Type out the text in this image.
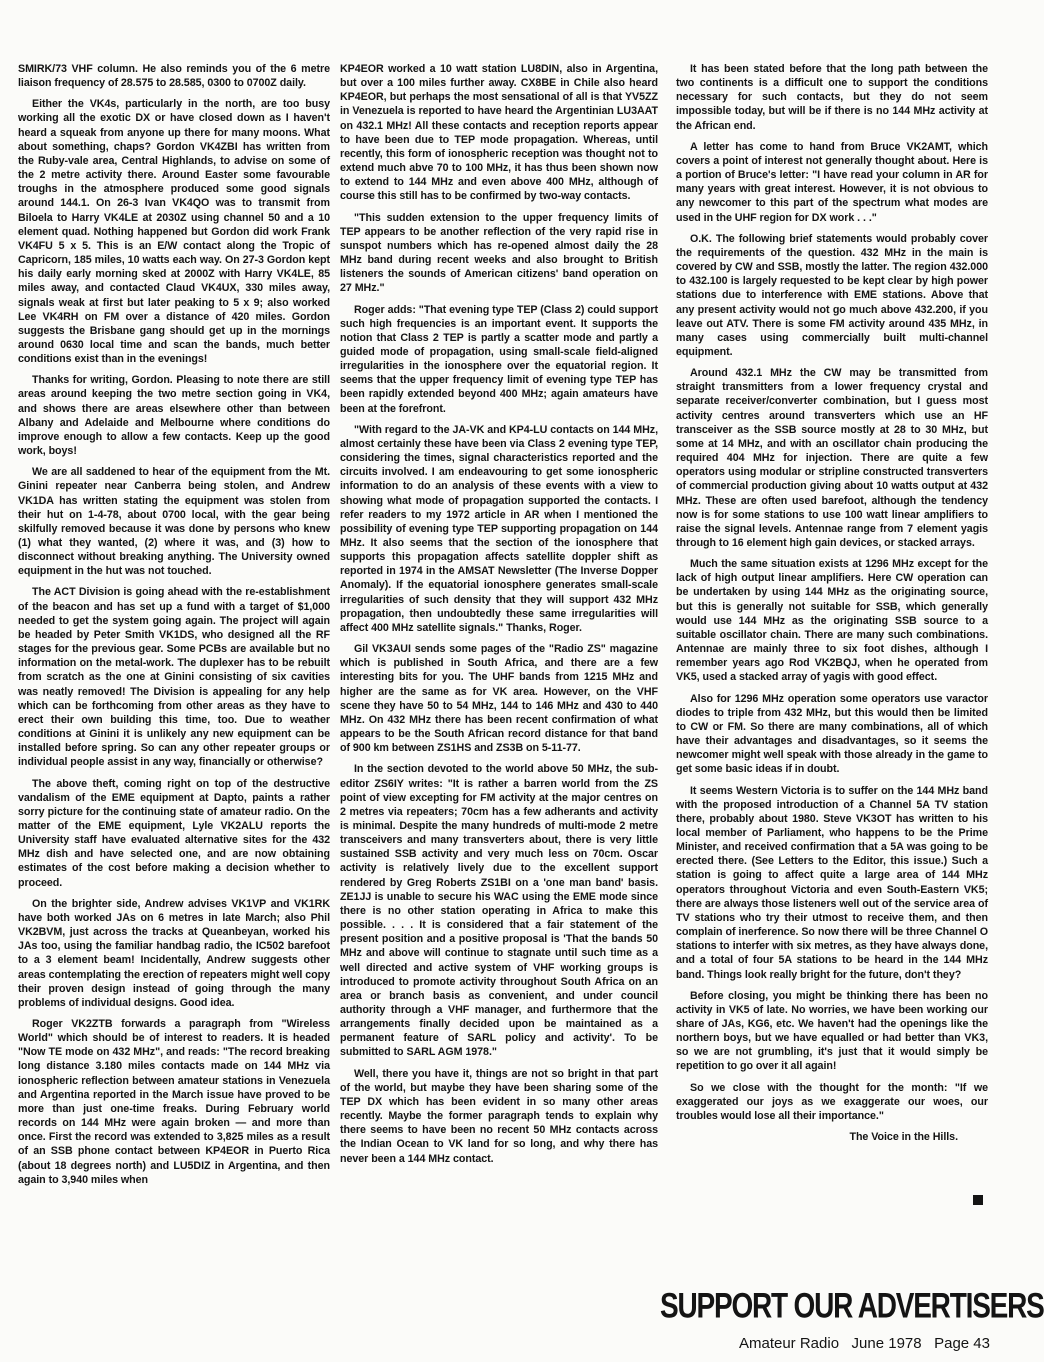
SMIRK/73 VHF column. He also reminds you of the 6 metre liaison frequency of 28.575 to 28.585, 0300 to 0700Z daily.

Either the VK4s, particularly in the north, are too busy working all the exotic DX or have closed down as I haven't heard a squeak from anyone up there for many moons. What about something, chaps? Gordon VK4ZBI has written from the Ruby-vale area, Central Highlands, to advise on some of the 2 metre activity there. Around Easter some favourable troughs in the atmosphere produced some good signals around 144.1. On 26-3 Ivan VK4QO was to transmit from Biloela to Harry VK4LE at 2030Z using channel 50 and a 10 element quad. Nothing happened but Gordon did work Frank VK4FU 5 x 5. This is an E/W contact along the Tropic of Capricorn, 185 miles, 10 watts each way. On 27-3 Gordon kept his daily early morning sked at 2000Z with Harry VK4LE, 85 miles away, and contacted Claud VK4UX, 330 miles away, signals weak at first but later peaking to 5 x 9; also worked Lee VK4RH on FM over a distance of 420 miles. Gordon suggests the Brisbane gang should get up in the mornings around 0630 local time and scan the bands, much better conditions exist than in the evenings!

Thanks for writing, Gordon. Pleasing to note there are still areas around keeping the two metre section going in VK4, and shows there are areas elsewhere other than between Albany and Adelaide and Melbourne where conditions do improve enough to allow a few contacts. Keep up the good work, boys!

We are all saddened to hear of the equipment from the Mt. Ginini repeater near Canberra being stolen, and Andrew VK1DA has written stating the equipment was stolen from their hut on 1-4-78, about 0700 local, with the gear being skilfully removed because it was done by persons who knew (1) what they wanted, (2) where it was, and (3) how to disconnect without breaking anything. The University owned equipment in the hut was not touched.

The ACT Division is going ahead with the re-establishment of the beacon and has set up a fund with a target of $1,000 needed to get the system going again. The project will again be headed by Peter Smith VK1DS, who designed all the RF stages for the previous gear. Some PCBs are available but no information on the metal-work. The duplexer has to be rebuilt from scratch as the one at Ginini consisting of six cavities was neatly removed! The Division is appealing for any help which can be forthcoming from other areas as they have to erect their own building this time, too. Due to weather conditions at Ginini it is unlikely any new equipment can be installed before spring. So can any other repeater groups or individual people assist in any way, financially or otherwise?

The above theft, coming right on top of the destructive vandalism of the EME equipment at Dapto, paints a rather sorry picture for the continuing state of amateur radio. On the matter of the EME equipment, Lyle VK2ALU reports the University staff have evaluated alternative sites for the 432 MHz dish and have selected one, and are now obtaining estimates of the cost before making a decision whether to proceed.

On the brighter side, Andrew advises VK1VP and VK1RK have both worked JAs on 6 metres in late March; also Phil VK2BVM, just across the tracks at Queanbeyan, worked his JAs too, using the familiar handbag radio, the IC502 barefoot to a 3 element beam! Incidentally, Andrew suggests other areas contemplating the erection of repeaters might well copy their proven design instead of going through the many problems of individual designs. Good idea.

Roger VK2ZTB forwards a paragraph from "Wireless World" which should be of interest to readers. It is headed "Now TE mode on 432 MHz", and reads: "The record breaking long distance 3.180 miles contacts made on 144 MHz via ionospheric reflection between amateur stations in Venezuela and Argentina reported in the March issue have proved to be more than just one-time freaks. During February world records on 144 MHz were again broken — and more than once. First the record was extended to 3,825 miles as a result of an SSB phone contact between KP4EOR in Puerto Rica (about 18 degrees north) and LU5DIZ in Argentina, and then again to 3,940 miles when

KP4EOR worked a 10 watt station LU8DIN, also in Argentina, but over a 100 miles further away. CX8BE in Chile also heard KP4EOR, but perhaps the most sensational of all is that YV5ZZ in Venezuela is reported to have heard the Argentinian LU3AAT on 432.1 MHz! All these contacts and reception reports appear to have been due to TEP mode propagation. Whereas, until recently, this form of ionospheric reception was thought not to extend much abve 70 to 100 MHz, it has thus been shown now to extend to 144 MHz and even above 400 MHz, although of course this still has to be confirmed by two-way contacts.

"This sudden extension to the upper frequency limits of TEP appears to be another reflection of the very rapid rise in sunspot numbers which has re-opened almost daily the 28 MHz band during recent weeks and also brought to British listeners the sounds of American citizens' band operation on 27 MHz."

Roger adds: "That evening type TEP (Class 2) could support such high frequencies is an important event. It supports the notion that Class 2 TEP is partly a scatter mode and partly a guided mode of propagation, using small-scale field-aligned irregularities in the ionosphere over the equatorial region. It seems that the upper frequency limit of evening type TEP has been rapidly extended beyond 400 MHz; again amateurs have been at the forefront.

"With regard to the JA-VK and KP4-LU contacts on 144 MHz, almost certainly these have been via Class 2 evening type TEP, considering the times, signal characteristics reported and the circuits involved. I am endeavouring to get some ionospheric information to do an analysis of these events with a view to showing what mode of propagation supported the contacts. I refer readers to my 1972 article in AR when I mentioned the possibility of evening type TEP supporting propagation on 144 MHz. It also seems that the section of the ionosphere that supports this propagation affects satellite doppler shift as reported in 1974 in the AMSAT Newsletter (The Inverse Dopper Anomaly). If the equatorial ionosphere generates small-scale irregularities of such density that they will support 432 MHz propagation, then undoubtedly these same irregularities will affect 400 MHz satellite signals." Thanks, Roger.

Gil VK3AUI sends some pages of the "Radio ZS" magazine which is published in South Africa, and there are a few interesting bits for you. The UHF bands from 1215 MHz and higher are the same as for VK area. However, on the VHF scene they have 50 to 54 MHz, 144 to 146 MHz and 430 to 440 MHz. On 432 MHz there has been recent confirmation of what appears to be the South African record distance for that band of 900 km between ZS1HS and ZS3B on 5-11-77.

In the section devoted to the world above 50 MHz, the sub-editor ZS6IY writes: "It is rather a barren world from the ZS point of view excepting for FM activity at the major centres on 2 metres via repeaters; 70cm has a few adherants and activity is minimal. Despite the many hundreds of multi-mode 2 metre transceivers and many transverters about, there is very little sustained SSB activity and very much less on 70cm. Oscar activity is relatively lively due to the excellent support rendered by Greg Roberts ZS1BI on a 'one man band' basis. ZE1JJ is unable to secure his WAC using the EME mode since there is no other station operating in Africa to make this possible. . . . It is considered that a fair statement of the present position and a positive proposal is 'That the bands 50 MHz and above will continue to stagnate until such time as a well directed and active system of VHF working groups is introduced to promote activity throughout South Africa on an area or branch basis as convenient, and under council authority through a VHF manager, and furthermore that the arrangements finally decided upon be maintained as a permanent feature of SARL policy and activity'. To be submitted to SARL AGM 1978."

Well, there you have it, things are not so bright in that part of the world, but maybe they have been sharing some of the TEP DX which has been evident in so many other areas recently. Maybe the former paragraph tends to explain why there seems to have been no recent 50 MHz contacts across the Indian Ocean to VK land for so long, and why there has never been a 144 MHz contact.

It has been stated before that the long path between the two continents is a difficult one to support the conditions necessary for such contacts, but they do not seem impossible today, but will be if there is no 144 MHz activity at the African end.

A letter has come to hand from Bruce VK2AMT, which covers a point of interest not generally thought about. Here is a portion of Bruce's letter: "I have read your column in AR for many years with great interest. However, it is not obvious to any newcomer to this part of the spectrum what modes are used in the UHF region for DX work . . ."

O.K. The following brief statements would probably cover the requirements of the question. 432 MHz in the main is covered by CW and SSB, mostly the latter. The region 432.000 to 432.100 is largely requested to be kept clear by high power stations due to interference with EME stations. Above that any present activity would not go much above 432.200, if you leave out ATV. There is some FM activity around 435 MHz, in many cases using commercially built multi-channel equipment.

Around 432.1 MHz the CW may be transmitted from straight transmitters from a lower frequency crystal and separate receiver/converter combination, but I guess most activity centres around transverters which use an HF transceiver as the SSB source mostly at 28 to 30 MHz, but some at 14 MHz, and with an oscillator chain producing the required 404 MHz for injection. There are quite a few operators using modular or stripline constructed transverters of commercial production giving about 10 watts output at 432 MHz. These are often used barefoot, although the tendency now is for some stations to use 100 watt linear amplifiers to raise the signal levels. Antennae range from 7 element yagis through to 16 element high gain devices, or stacked arrays.

Much the same situation exists at 1296 MHz except for the lack of high output linear amplifiers. Here CW operation can be undertaken by using 144 MHz as the originating source, but this is generally not suitable for SSB, which generally would use 144 MHz as the originating SSB source to a suitable oscillator chain. There are many such combinations. Antennae are mainly three to six foot dishes, although I remember years ago Rod VK2BQJ, when he operated from VK5, used a stacked array of yagis with good effect.

Also for 1296 MHz operation some operators use varactor diodes to triple from 432 MHz, but this would then be limited to CW or FM. So there are many combinations, all of which have their advantages and disadvantages, so it seems the newcomer might well speak with those already in the game to get some basic ideas if in doubt.

It seems Western Victoria is to suffer on the 144 MHz band with the proposed introduction of a Channel 5A TV station there, probably about 1980. Steve VK3OT has written to his local member of Parliament, who happens to be the Prime Minister, and received confirmation that a 5A was going to be erected there. (See Letters to the Editor, this issue.) Such a station is going to affect quite a large area of 144 MHz operators throughout Victoria and even South-Eastern VK5; there are always those listeners well out of the service area of TV stations who try their utmost to receive them, and then complain of inerference. So now there will be three Channel O stations to interfer with six metres, as they have always done, and a total of four 5A stations to be heard in the 144 MHz band. Things look really bright for the future, don't they?

Before closing, you might be thinking there has been no activity in VK5 of late. No worries, we have been working our share of JAs, KG6, etc. We haven't had the openings like the northern boys, but we have equalled or had better than VK3, so we are not grumbling, it's just that it would simply be repetition to go over it all again!

So we close with the thought for the month: "If we exaggerated our joys as we exaggerate our woes, our troubles would lose all their importance."

The Voice in the Hills.

SUPPORT OUR ADVERTISERS
Amateur Radio   June 1978   Page 43
